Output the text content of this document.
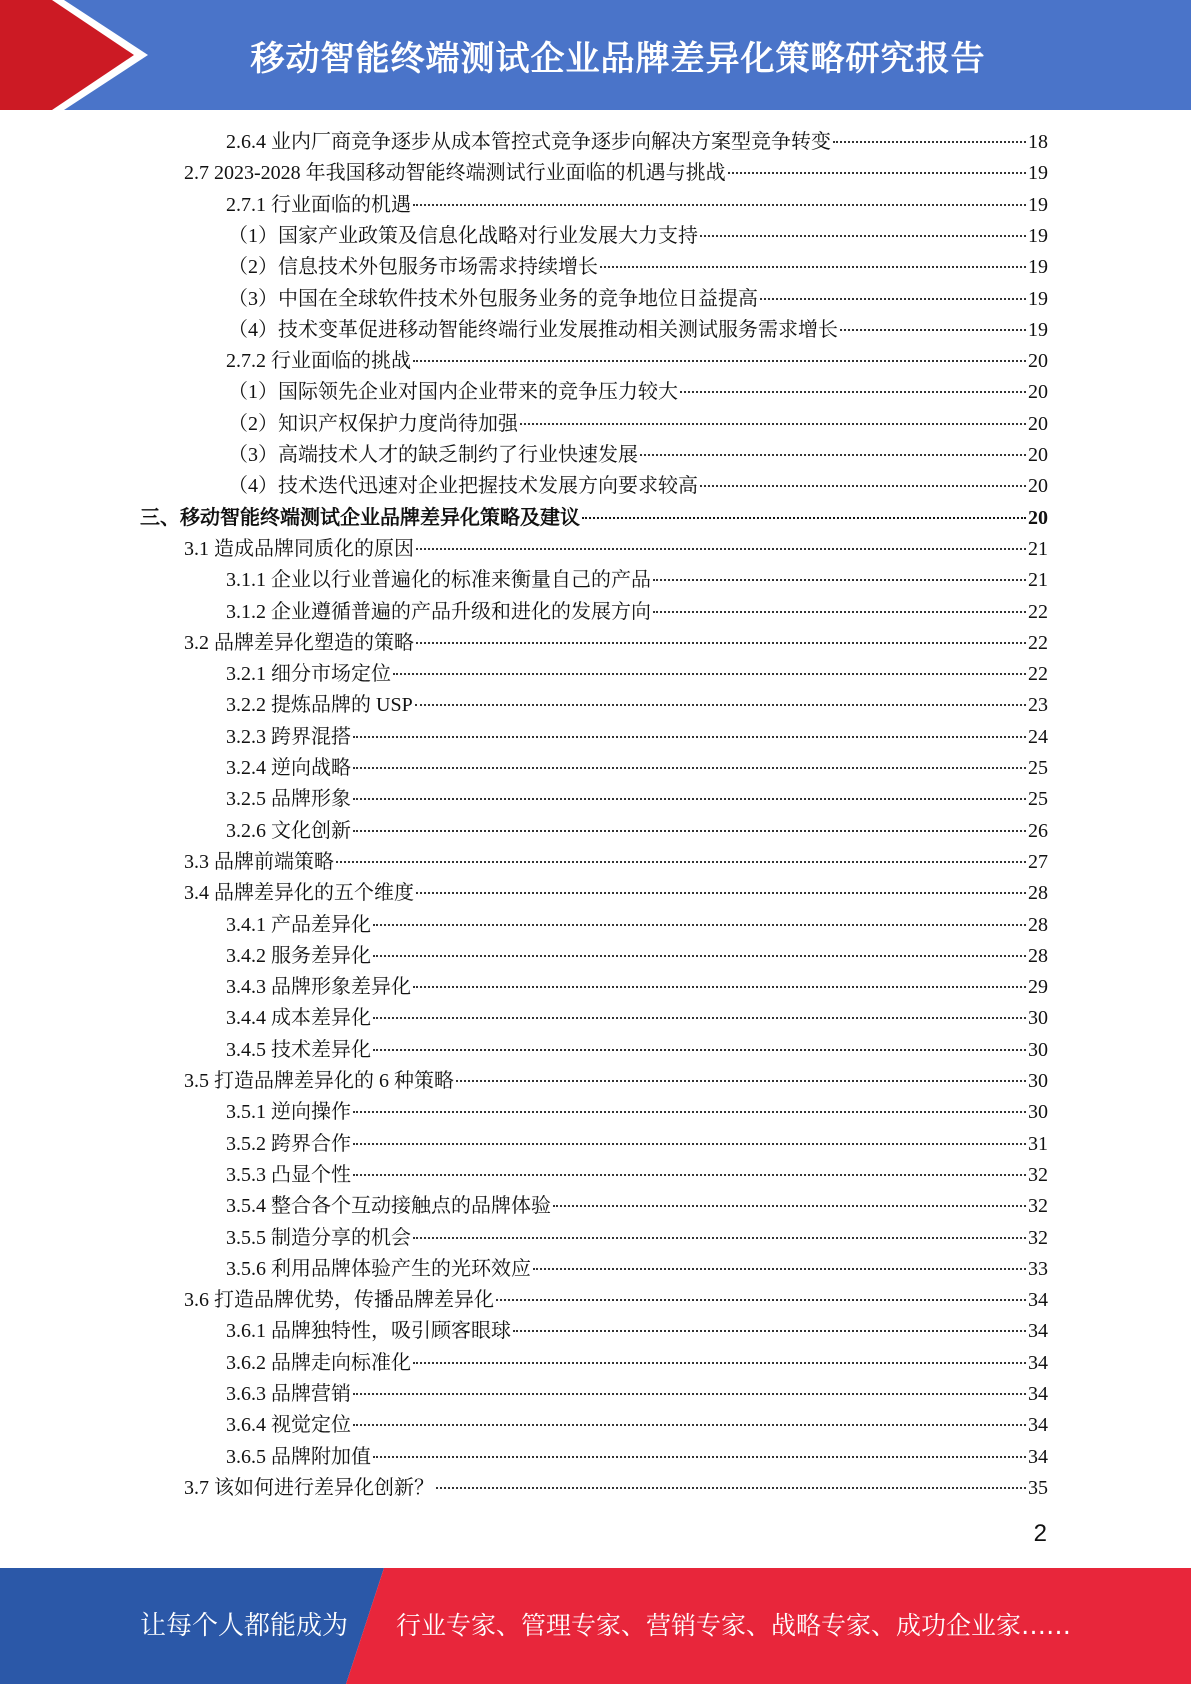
移动智能终端测试企业品牌差异化策略研究报告
2.6.4 业内厂商竞争逐步从成本管控式竞争逐步向解决方案型竞争转变	18
2.7 2023-2028 年我国移动智能终端测试行业面临的机遇与挑战	19
2.7.1 行业面临的机遇	19
（1）国家产业政策及信息化战略对行业发展大力支持	19
（2）信息技术外包服务市场需求持续增长	19
（3）中国在全球软件技术外包服务业务的竞争地位日益提高	19
（4）技术变革促进移动智能终端行业发展推动相关测试服务需求增长	19
2.7.2 行业面临的挑战	20
（1）国际领先企业对国内企业带来的竞争压力较大	20
（2）知识产权保护力度尚待加强	20
（3）高端技术人才的缺乏制约了行业快速发展	20
（4）技术迭代迅速对企业把握技术发展方向要求较高	20
三、移动智能终端测试企业品牌差异化策略及建议	20
3.1 造成品牌同质化的原因	21
3.1.1 企业以行业普遍化的标准来衡量自己的产品	21
3.1.2 企业遵循普遍的产品升级和进化的发展方向	22
3.2 品牌差异化塑造的策略	22
3.2.1 细分市场定位	22
3.2.2 提炼品牌的 USP	23
3.2.3 跨界混搭	24
3.2.4 逆向战略	25
3.2.5 品牌形象	25
3.2.6 文化创新	26
3.3 品牌前端策略	27
3.4 品牌差异化的五个维度	28
3.4.1 产品差异化	28
3.4.2 服务差异化	28
3.4.3 品牌形象差异化	29
3.4.4 成本差异化	30
3.4.5 技术差异化	30
3.5 打造品牌差异化的 6 种策略	30
3.5.1 逆向操作	30
3.5.2 跨界合作	31
3.5.3 凸显个性	32
3.5.4 整合各个互动接触点的品牌体验	32
3.5.5 制造分享的机会	32
3.5.6 利用品牌体验产生的光环效应	33
3.6 打造品牌优势，传播品牌差异化	34
3.6.1 品牌独特性，吸引顾客眼球	34
3.6.2 品牌走向标准化	34
3.6.3 品牌营销	34
3.6.4 视觉定位	34
3.6.5 品牌附加值	34
3.7 该如何进行差异化创新？	35
2
让每个人都能成为 行业专家、管理专家、营销专家、战略专家、成功企业家……
